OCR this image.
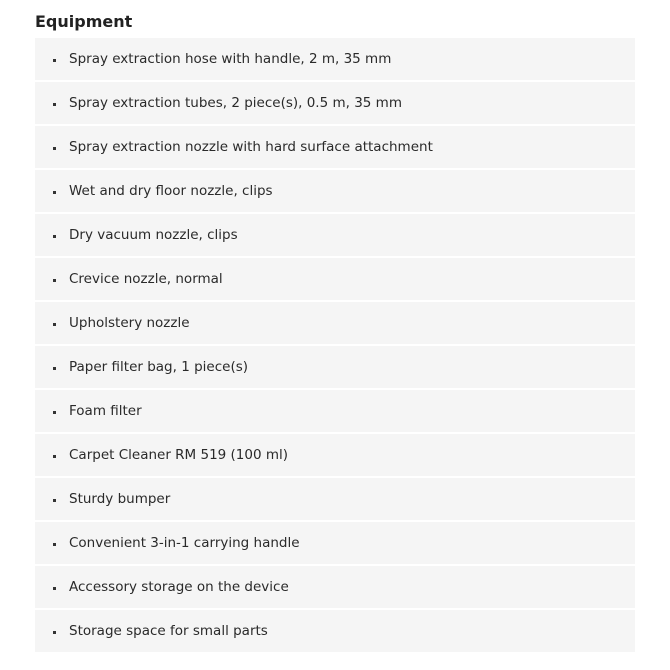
Equipment
Spray extraction hose with handle, 2 m, 35 mm
Spray extraction tubes, 2 piece(s), 0.5 m, 35 mm
Spray extraction nozzle with hard surface attachment
Wet and dry floor nozzle, clips
Dry vacuum nozzle, clips
Crevice nozzle, normal
Upholstery nozzle
Paper filter bag, 1 piece(s)
Foam filter
Carpet Cleaner RM 519 (100 ml)
Sturdy bumper
Convenient 3-in-1 carrying handle
Accessory storage on the device
Storage space for small parts
